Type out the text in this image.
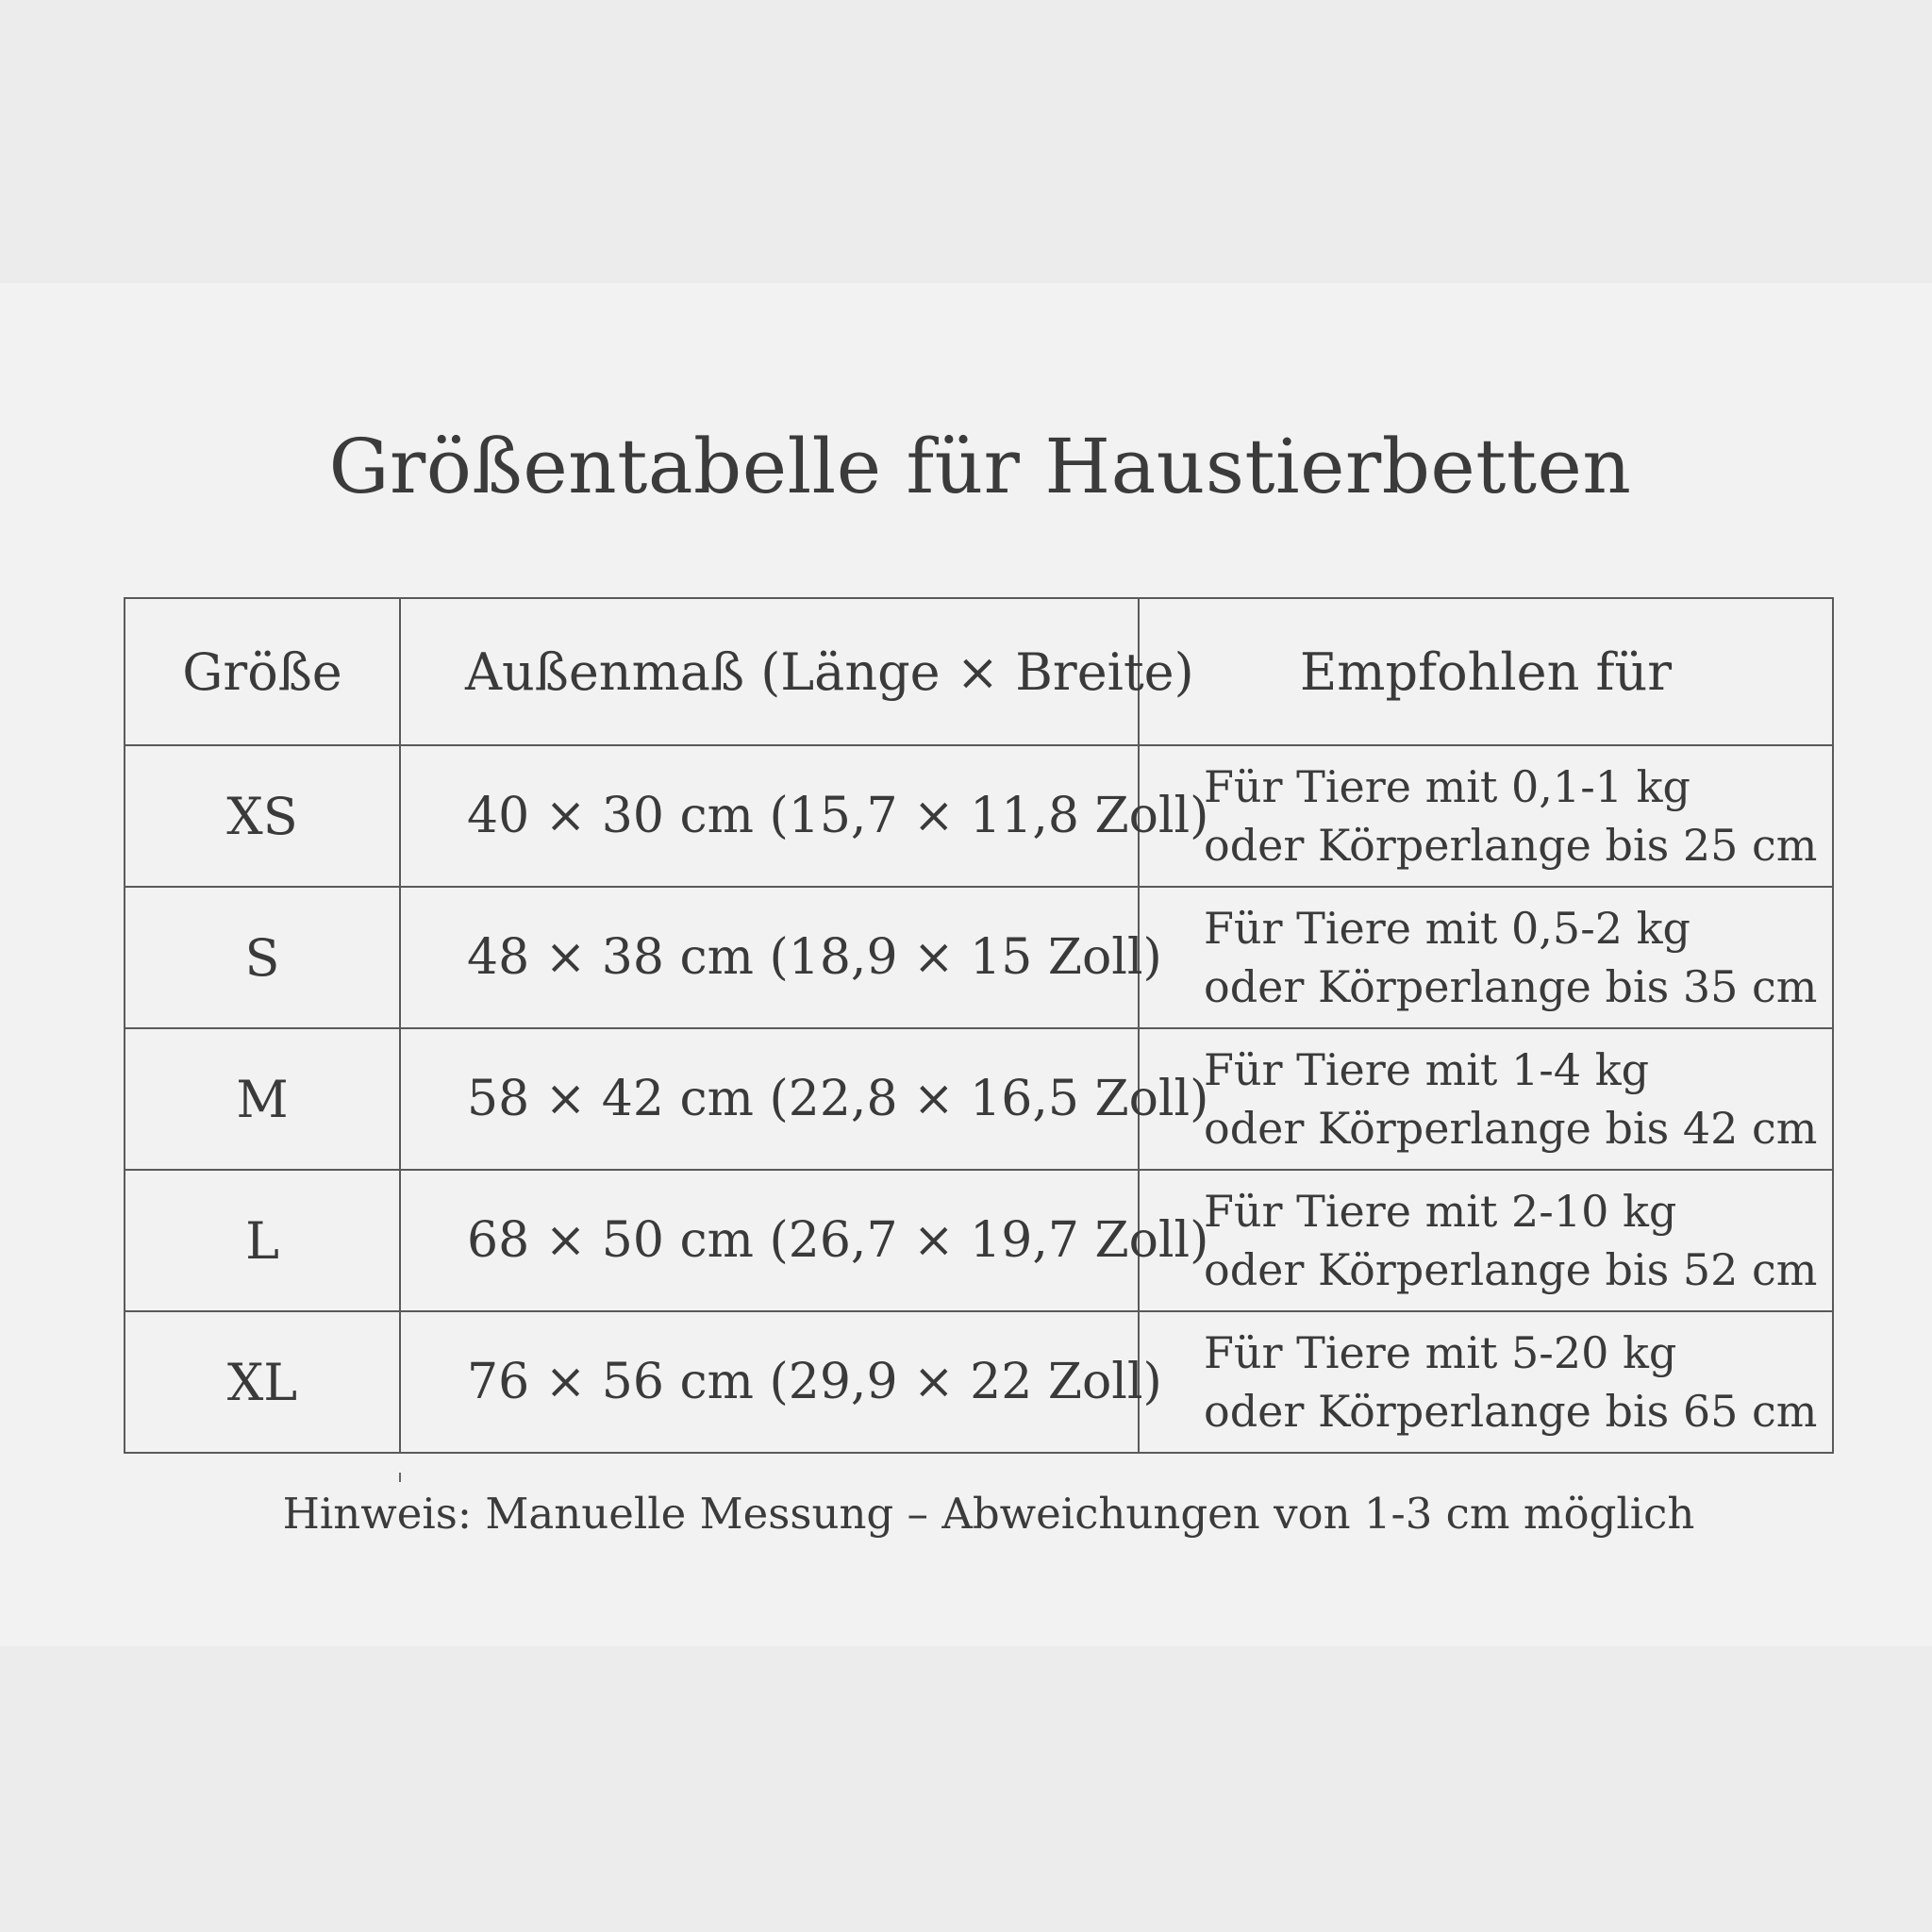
Größentabelle für Haustierbetten
Größe	Außenmaß (Länge × Breite)	Empfohlen für
XS	40 × 30 cm (15,7 × 11,8 Zoll)	Für Tiere mit 0,1-1 kg
oder Körperlange bis 25 cm

S	48 × 38 cm (18,9 × 15 Zoll)	Für Tiere mit 0,5-2 kg
oder Körperlange bis 35 cm

M	58 × 42 cm (22,8 × 16,5 Zoll)	Für Tiere mit 1-4 kg
oder Körperlange bis 42 cm

L	68 × 50 cm (26,7 × 19,7 Zoll)	Für Tiere mit 2-10 kg
oder Körperlange bis 52 cm

XL	76 × 56 cm (29,9 × 22 Zoll)	Für Tiere mit 5-20 kg
oder Körperlange bis 65 cm
Hinweis: Manuelle Messung – Abweichungen von 1-3 cm möglich
